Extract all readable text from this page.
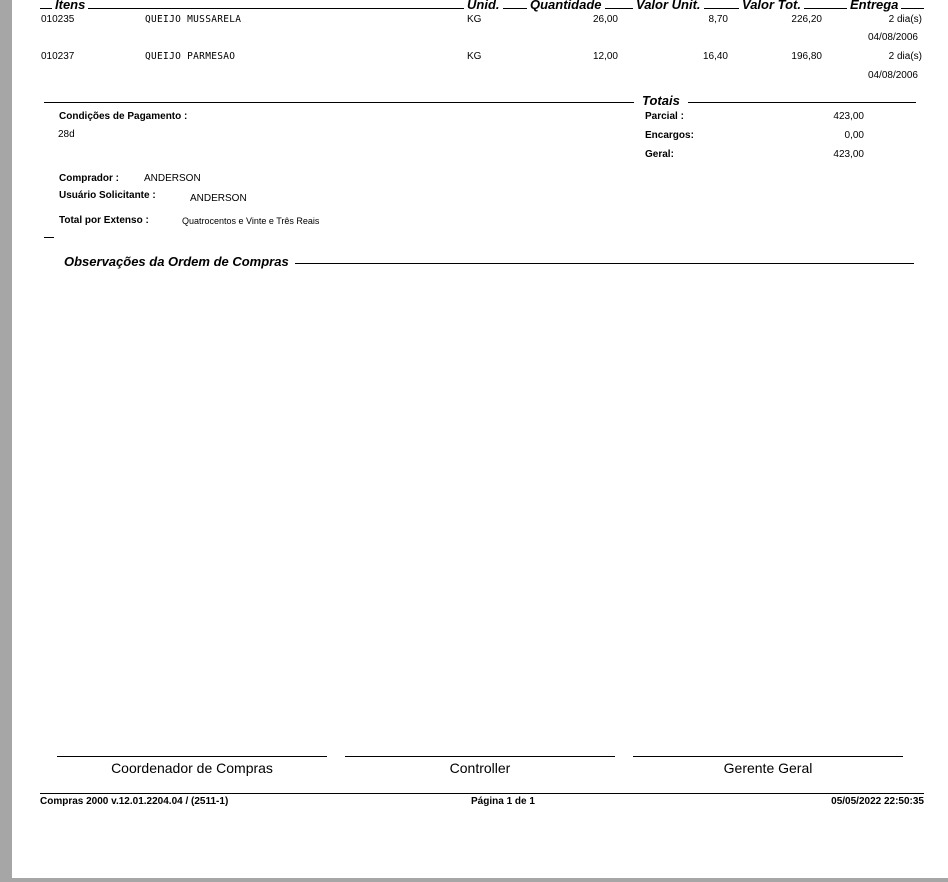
Itens	Unid. Quantidade	Valor Unit.	Valor Tot.	Entrega
010235	QUEIJO MUSSARELA	KG	26,00	8,70	226,20	2 dia(s)
04/08/2006
010237	QUEIJO PARMESAO	KG	12,00	16,40	196,80	2 dia(s)
04/08/2006
Totais
Condições de Pagamento :
28d
Parcial :	423,00
Encargos:	0,00
Geral:	423,00
Comprador :	ANDERSON
Usuário Solicitante :	ANDERSON
Total por Extenso :	Quatrocentos e Vinte e Três Reais
Observações da Ordem de Compras
Coordenador de Compras	Controller	Gerente Geral
Compras 2000 v.12.01.2204.04 / (2511-1)	Página 1 de 1	05/05/2022 22:50:35
